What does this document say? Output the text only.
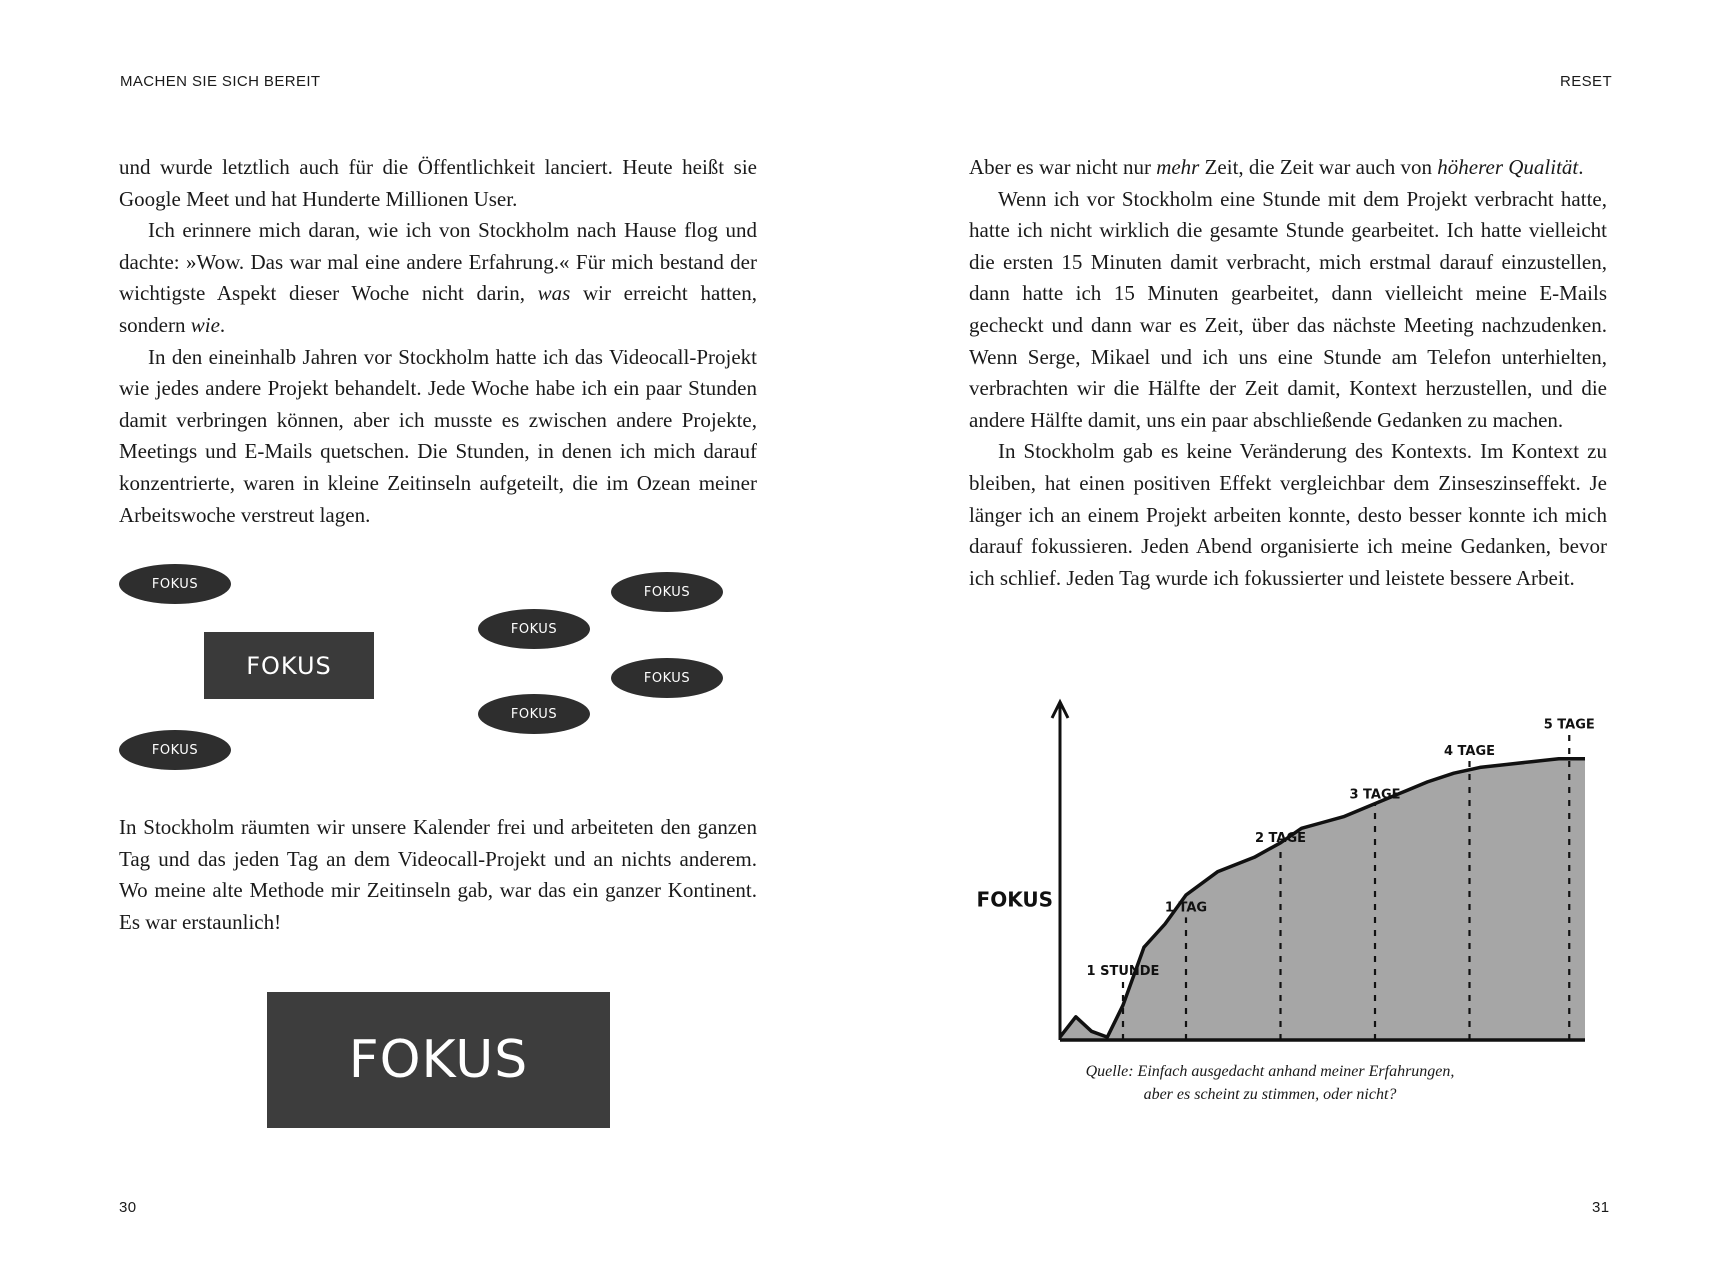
MACHEN SIE SICH BEREIT

und wurde letztlich auch für die Öffentlichkeit lanciert. Heute heißt sie Google Meet und hat Hunderte Millionen User.

Ich erinnere mich daran, wie ich von Stockholm nach Hause flog und dachte: »Wow. Das war mal eine andere Erfahrung.« Für mich bestand der wichtigste Aspekt dieser Woche nicht darin, was wir erreicht hatten, sondern wie.

In den eineinhalb Jahren vor Stockholm hatte ich das Videocall-Projekt wie jedes andere Projekt behandelt. Jede Woche habe ich ein paar Stunden damit verbringen können, aber ich musste es zwischen andere Projekte, Meetings und E-Mails quetschen. Die Stunden, in denen ich mich darauf konzentrierte, waren in kleine Zeitinseln aufgeteilt, die im Ozean meiner Arbeitswoche verstreut lagen.

FOKUS
FOKUS
FOKUS
FOKUS
FOKUS
FOKUS
FOKUS

In Stockholm räumten wir unsere Kalender frei und arbeiteten den ganzen Tag und das jeden Tag an dem Videocall-Projekt und an nichts anderem. Wo meine alte Methode mir Zeitinseln gab, war das ein ganzer Kontinent. Es war erstaunlich!

FOKUS
30
RESET

Aber es war nicht nur mehr Zeit, die Zeit war auch von höherer Qualität.

Wenn ich vor Stockholm eine Stunde mit dem Projekt verbracht hatte, hatte ich nicht wirklich die gesamte Stunde gearbeitet. Ich hatte vielleicht die ersten 15 Minuten damit verbracht, mich erstmal darauf einzustellen, dann hatte ich 15 Minuten gearbeitet, dann vielleicht meine E-Mails gecheckt und dann war es Zeit, über das nächste Meeting nachzudenken. Wenn Serge, Mikael und ich uns eine Stunde am Telefon unterhielten, verbrachten wir die Hälfte der Zeit damit, Kontext herzustellen, und die andere Hälfte damit, uns ein paar abschließende Gedanken zu machen.

In Stockholm gab es keine Veränderung des Kontexts. Im Kontext zu bleiben, hat einen positiven Effekt vergleichbar dem Zinseszinseffekt. Je länger ich an einem Projekt arbeiten konnte, desto besser konnte ich mich darauf fokussieren. Jeden Abend organisierte ich meine Gedanken, bevor ich schlief. Jeden Tag wurde ich fokussierter und leistete bessere Arbeit.

FOKUS
1 STUNDE
1 TAG
2 TAGE
3 TAGE
4 TAGE
5 TAGE
Quelle: Einfach ausgedacht anhand meiner Erfahrungen,
aber es scheint zu stimmen, oder nicht?
31
